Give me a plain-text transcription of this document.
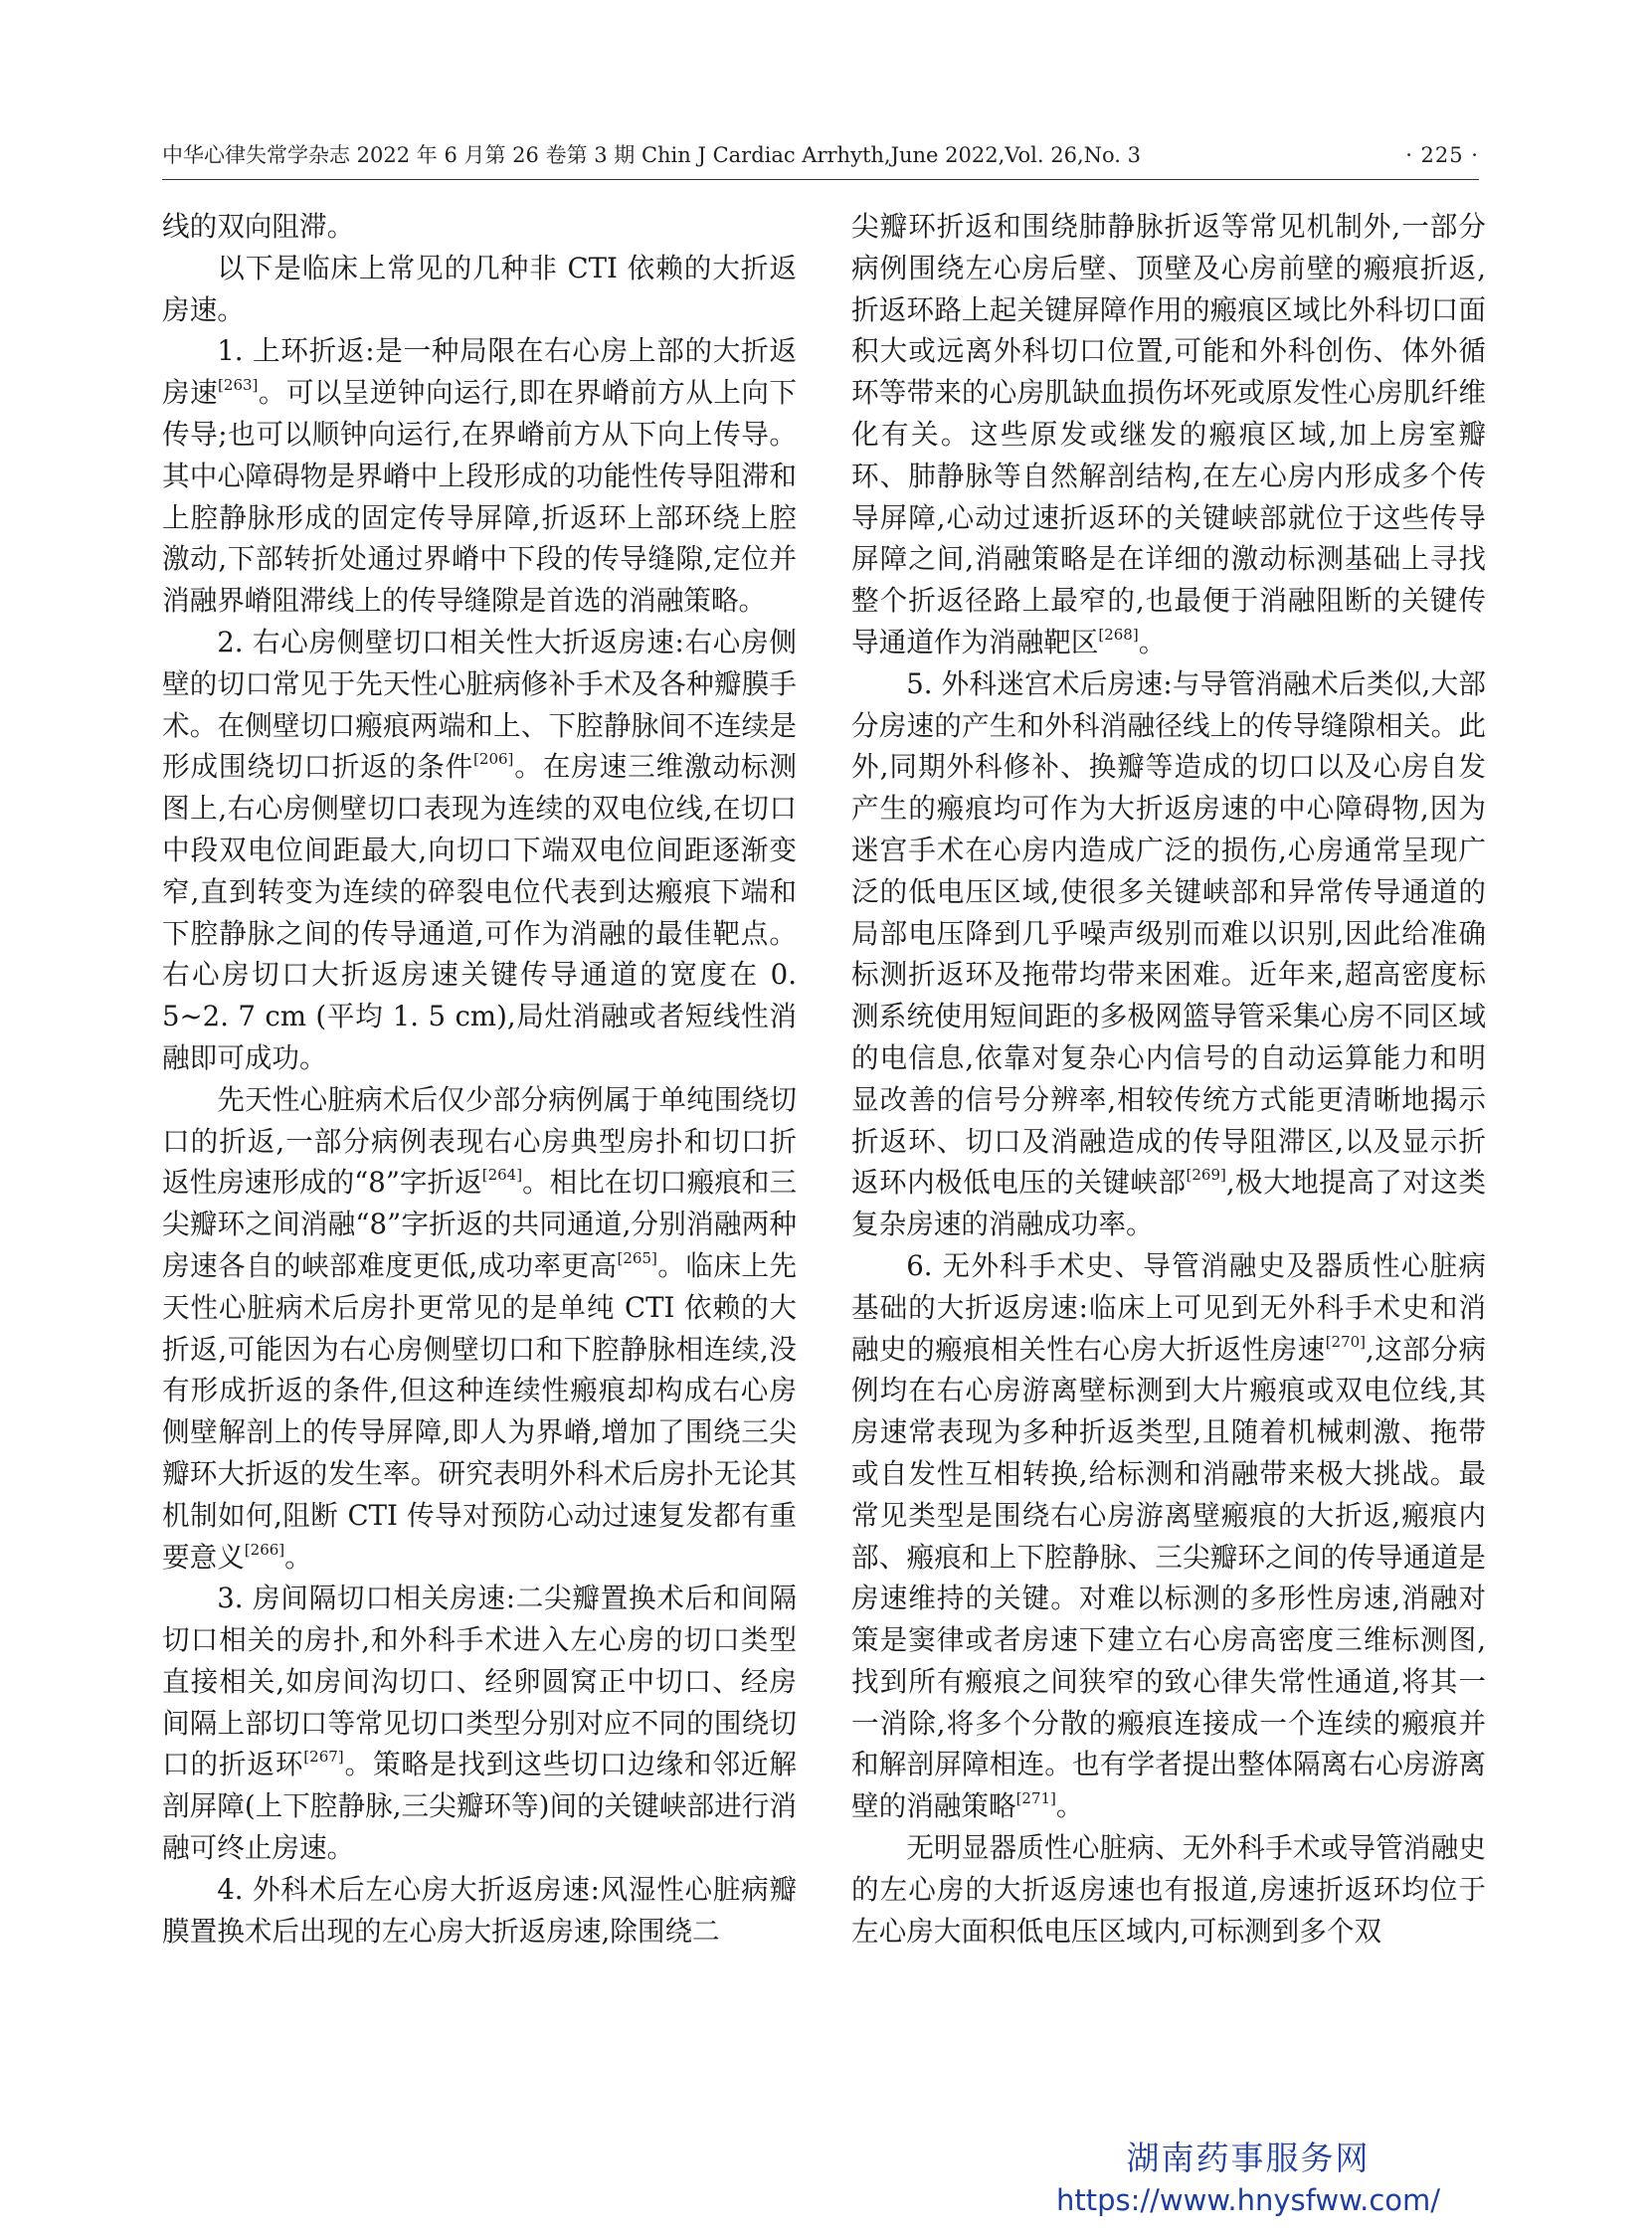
中华心律失常学杂志 2022 年 6 月第 26 卷第 3 期 Chin J Cardiac Arrhyth,June 2022,Vol. 26,No. 3	· 225 ·

线的双向阻滞。

以下是临床上常见的几种非 CTI 依赖的大折返房速。

1. 上环折返:是一种局限在右心房上部的大折返房速[263]。可以呈逆钟向运行,即在界嵴前方从上向下传导;也可以顺钟向运行,在界嵴前方从下向上传导。其中心障碍物是界嵴中上段形成的功能性传导阻滞和上腔静脉形成的固定传导屏障,折返环上部环绕上腔激动,下部转折处通过界嵴中下段的传导缝隙,定位并消融界嵴阻滞线上的传导缝隙是首选的消融策略。

2. 右心房侧壁切口相关性大折返房速:右心房侧壁的切口常见于先天性心脏病修补手术及各种瓣膜手术。在侧壁切口瘢痕两端和上、下腔静脉间不连续是形成围绕切口折返的条件[206]。在房速三维激动标测图上,右心房侧壁切口表现为连续的双电位线,在切口中段双电位间距最大,向切口下端双电位间距逐渐变窄,直到转变为连续的碎裂电位代表到达瘢痕下端和下腔静脉之间的传导通道,可作为消融的最佳靶点。右心房切口大折返房速关键传导通道的宽度在 0. 5~2. 7 cm (平均 1. 5 cm),局灶消融或者短线性消融即可成功。

先天性心脏病术后仅少部分病例属于单纯围绕切口的折返,一部分病例表现右心房典型房扑和切口折返性房速形成的“8”字折返[264]。相比在切口瘢痕和三尖瓣环之间消融“8”字折返的共同通道,分别消融两种房速各自的峡部难度更低,成功率更高[265]。临床上先天性心脏病术后房扑更常见的是单纯 CTI 依赖的大折返,可能因为右心房侧壁切口和下腔静脉相连续,没有形成折返的条件,但这种连续性瘢痕却构成右心房侧壁解剖上的传导屏障,即人为界嵴,增加了围绕三尖瓣环大折返的发生率。研究表明外科术后房扑无论其机制如何,阻断 CTI 传导对预防心动过速复发都有重要意义[266]。

3. 房间隔切口相关房速:二尖瓣置换术后和间隔切口相关的房扑,和外科手术进入左心房的切口类型直接相关,如房间沟切口、经卵圆窝正中切口、经房间隔上部切口等常见切口类型分别对应不同的围绕切口的折返环[267]。策略是找到这些切口边缘和邻近解剖屏障(上下腔静脉,三尖瓣环等)间的关键峡部进行消融可终止房速。

4. 外科术后左心房大折返房速:风湿性心脏病瓣膜置换术后出现的左心房大折返房速,除围绕二

尖瓣环折返和围绕肺静脉折返等常见机制外,一部分病例围绕左心房后壁、顶壁及心房前壁的瘢痕折返,折返环路上起关键屏障作用的瘢痕区域比外科切口面积大或远离外科切口位置,可能和外科创伤、体外循环等带来的心房肌缺血损伤坏死或原发性心房肌纤维化有关。这些原发或继发的瘢痕区域,加上房室瓣环、肺静脉等自然解剖结构,在左心房内形成多个传导屏障,心动过速折返环的关键峡部就位于这些传导屏障之间,消融策略是在详细的激动标测基础上寻找整个折返径路上最窄的,也最便于消融阻断的关键传导通道作为消融靶区[268]。

5. 外科迷宫术后房速:与导管消融术后类似,大部分房速的产生和外科消融径线上的传导缝隙相关。此外,同期外科修补、换瓣等造成的切口以及心房自发产生的瘢痕均可作为大折返房速的中心障碍物,因为迷宫手术在心房内造成广泛的损伤,心房通常呈现广泛的低电压区域,使很多关键峡部和异常传导通道的局部电压降到几乎噪声级别而难以识别,因此给准确标测折返环及拖带均带来困难。近年来,超高密度标测系统使用短间距的多极网篮导管采集心房不同区域的电信息,依靠对复杂心内信号的自动运算能力和明显改善的信号分辨率,相较传统方式能更清晰地揭示折返环、切口及消融造成的传导阻滞区,以及显示折返环内极低电压的关键峡部[269],极大地提高了对这类复杂房速的消融成功率。

6. 无外科手术史、导管消融史及器质性心脏病基础的大折返房速:临床上可见到无外科手术史和消融史的瘢痕相关性右心房大折返性房速[270],这部分病例均在右心房游离壁标测到大片瘢痕或双电位线,其房速常表现为多种折返类型,且随着机械刺激、拖带或自发性互相转换,给标测和消融带来极大挑战。最常见类型是围绕右心房游离壁瘢痕的大折返,瘢痕内部、瘢痕和上下腔静脉、三尖瓣环之间的传导通道是房速维持的关键。对难以标测的多形性房速,消融对策是窦律或者房速下建立右心房高密度三维标测图,找到所有瘢痕之间狭窄的致心律失常性通道,将其一一消除,将多个分散的瘢痕连接成一个连续的瘢痕并和解剖屏障相连。也有学者提出整体隔离右心房游离壁的消融策略[271]。

无明显器质性心脏病、无外科手术或导管消融史的左心房的大折返房速也有报道,房速折返环均位于左心房大面积低电压区域内,可标测到多个双

湖南药事服务网
https://www.hnysfww.com/
